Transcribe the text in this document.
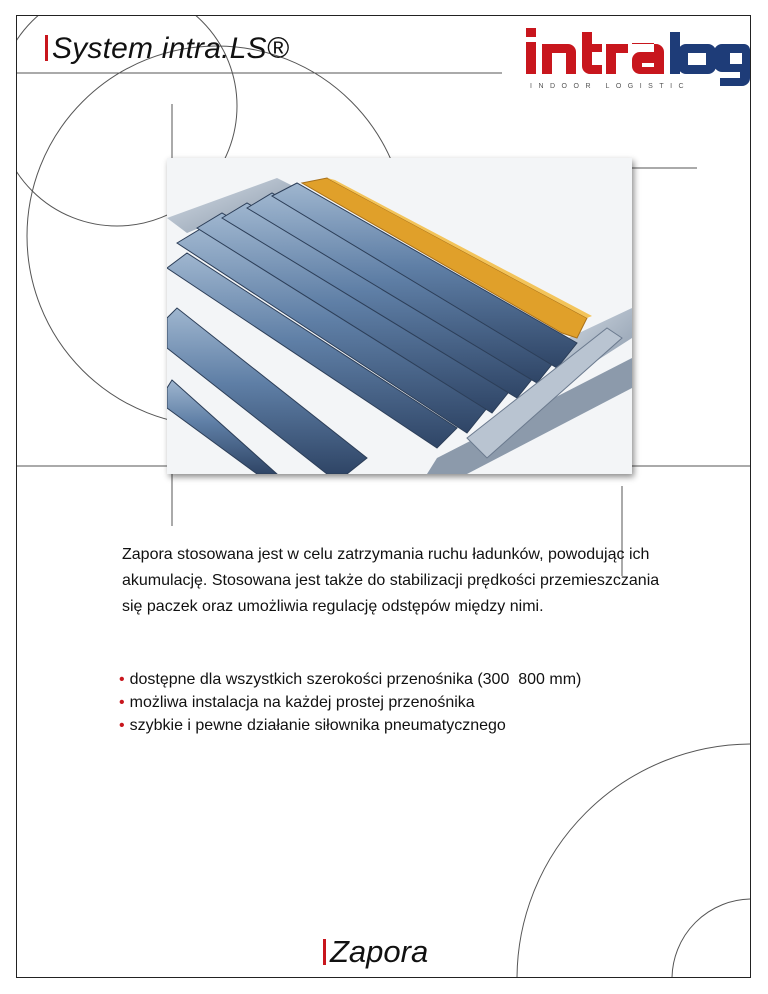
System intra.LS®
INDOOR LOGISTIC

Zapora stosowana jest w celu zatrzymania ruchu ładunków, powodując ich akumulację. Stosowana jest także do stabilizacji prędkości przemieszczania się paczek oraz umożliwia regulację odstępów między nimi.

• dostępne dla wszystkich szerokości przenośnika (300  800 mm)
• możliwa instalacja na każdej prostej przenośnika
• szybkie i pewne działanie siłownika pneumatycznego
Zapora
